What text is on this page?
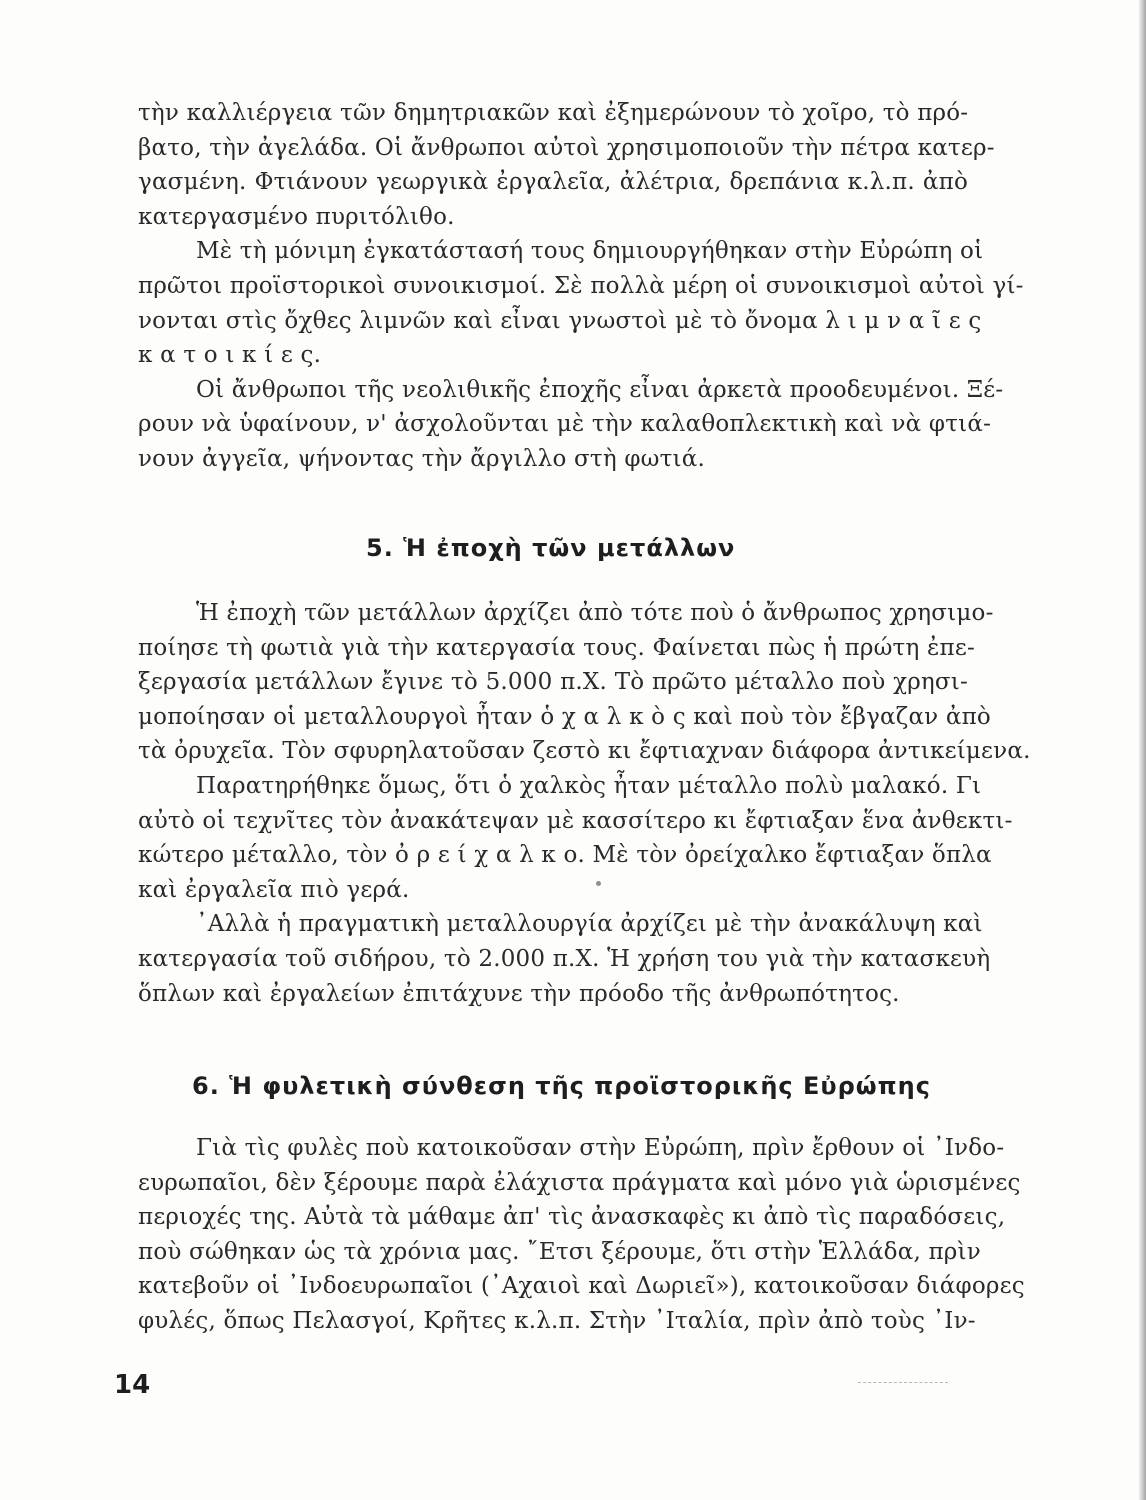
τὴν καλλιέργεια τῶν δημητριακῶν καὶ ἐξημερώνουν τὸ χοῖρο, τὸ πρό-
βατο, τὴν ἀγελάδα. Οἱ ἄνθρωποι αὐτοὶ χρησιμοποιοῦν τὴν πέτρα κατερ-
γασμένη. Φτιάνουν γεωργικὰ ἐργαλεῖα, ἀλέτρια, δρεπάνια κ.λ.π. ἀπὸ
κατεργασμένο πυριτόλιθο.
Μὲ τὴ μόνιμη ἐγκατάστασή τους δημιουργήθηκαν στὴν Εὐρώπη οἱ
πρῶτοι προϊστορικοὶ συνοικισμοί. Σὲ πολλὰ μέρη οἱ συνοικισμοὶ αὐτοὶ γί-
νονται στὶς ὄχθες λιμνῶν καὶ εἶναι γνωστοὶ μὲ τὸ ὄνομα λ ι μ ν α ῖ ε ς
κ α τ ο ι κ ί ε ς.
Οἱ ἄνθρωποι τῆς νεολιθικῆς ἐποχῆς εἶναι ἀρκετὰ προοδευμένοι. Ξέ-
ρουν νὰ ὑφαίνουν, ν' ἀσχολοῦνται μὲ τὴν καλαθοπλεκτικὴ καὶ νὰ φτιά-
νουν ἀγγεῖα, ψήνοντας τὴν ἄργιλλο στὴ φωτιά.
5. Ἡ ἐποχὴ τῶν μετάλλων
Ἡ ἐποχὴ τῶν μετάλλων ἀρχίζει ἀπὸ τότε ποὺ ὁ ἄνθρωπος χρησιμο-
ποίησε τὴ φωτιὰ γιὰ τὴν κατεργασία τους. Φαίνεται πὼς ἡ πρώτη ἐπε-
ξεργασία μετάλλων ἔγινε τὸ 5.000 π.Χ. Τὸ πρῶτο μέταλλο ποὺ χρησι-
μοποίησαν οἱ μεταλλουργοὶ ἦταν ὁ χ α λ κ ὸ ς καὶ ποὺ τὸν ἔβγαζαν ἀπὸ
τὰ ὀρυχεῖα. Τὸν σφυρηλατοῦσαν ζεστὸ κι ἔφτιαχναν διάφορα ἀντικείμενα.
Παρατηρήθηκε ὅμως, ὅτι ὁ χαλκὸς ἦταν μέταλλο πολὺ μαλακό. Γι
αὐτὸ οἱ τεχνῖτες τὸν ἀνακάτεψαν μὲ κασσίτερο κι ἔφτιαξαν ἕνα ἀνθεκτι-
κώτερο μέταλλο, τὸν ὀ ρ ε ί χ α λ κ ο. Μὲ τὸν ὀρείχαλκο ἔφτιαξαν ὅπλα
καὶ ἐργαλεῖα πιὸ γερά.
᾿Αλλὰ ἡ πραγματικὴ μεταλλουργία ἀρχίζει μὲ τὴν ἀνακάλυψη καὶ
κατεργασία τοῦ σιδήρου, τὸ 2.000 π.Χ. Ἡ χρήση του γιὰ τὴν κατασκευὴ
ὅπλων καὶ ἐργαλείων ἐπιτάχυνε τὴν πρόοδο τῆς ἀνθρωπότητος.
6. Ἡ φυλετικὴ σύνθεση τῆς προϊστορικῆς Εὐρώπης
Γιὰ τὶς φυλὲς ποὺ κατοικοῦσαν στὴν Εὐρώπη, πρὶν ἔρθουν οἱ ᾿Ινδο-
ευρωπαῖοι, δὲν ξέρουμε παρὰ ἐλάχιστα πράγματα καὶ μόνο γιὰ ὡρισμένες
περιοχές της. Αὐτὰ τὰ μάθαμε ἀπ' τὶς ἀνασκαφὲς κι ἀπὸ τὶς παραδόσεις,
ποὺ σώθηκαν ὡς τὰ χρόνια μας. ῎Ετσι ξέρουμε, ὅτι στὴν Ἑλλάδα, πρὶν
κατεβοῦν οἱ ᾿Ινδοευρωπαῖοι (᾿Αχαιοὶ καὶ Δωριεῖ»), κατοικοῦσαν διάφορες
φυλές, ὅπως Πελασγοί, Κρῆτες κ.λ.π. Στὴν ᾿Ιταλία, πρὶν ἀπὸ τοὺς ᾿Ιν-
14
